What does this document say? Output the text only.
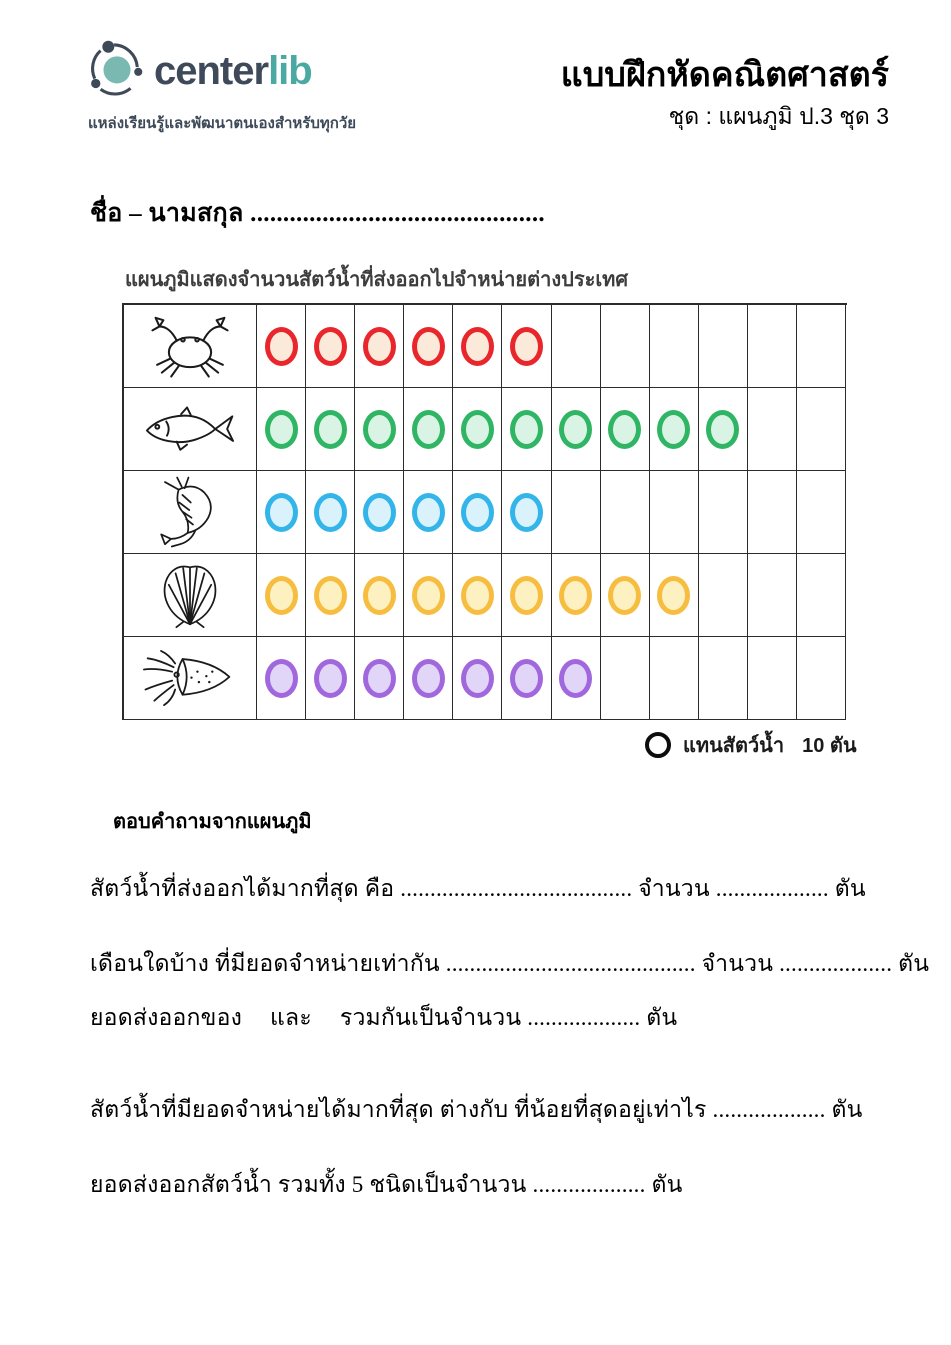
centerlib
แหล่งเรียนรู้และพัฒนาตนเองสำหรับทุกวัย
แบบฝึกหัดคณิตศาสตร์
ชุด : แผนภูมิ ป.3 ชุด 3
ชื่อ – นามสกุล .............................................
แผนภูมิแสดงจำนวนสัตว์น้ำที่ส่งออกไปจำหน่ายต่างประเทศ
แทนสัตว์น้ำ 10 ตัน
ตอบคำถามจากแผนภูมิ
สัตว์น้ำที่ส่งออกได้มากที่สุด คือ ....................................... จำนวน ................... ตัน
เดือนใดบ้าง ที่มียอดจำหน่ายเท่ากัน .......................................... จำนวน ................... ตัน
ยอดส่งออกของ และ รวมกันเป็นจำนวน ................... ตัน
สัตว์น้ำที่มียอดจำหน่ายได้มากที่สุด ต่างกับ ที่น้อยที่สุดอยู่เท่าไร ................... ตัน
ยอดส่งออกสัตว์น้ำ รวมทั้ง 5 ชนิดเป็นจำนวน ................... ตัน
